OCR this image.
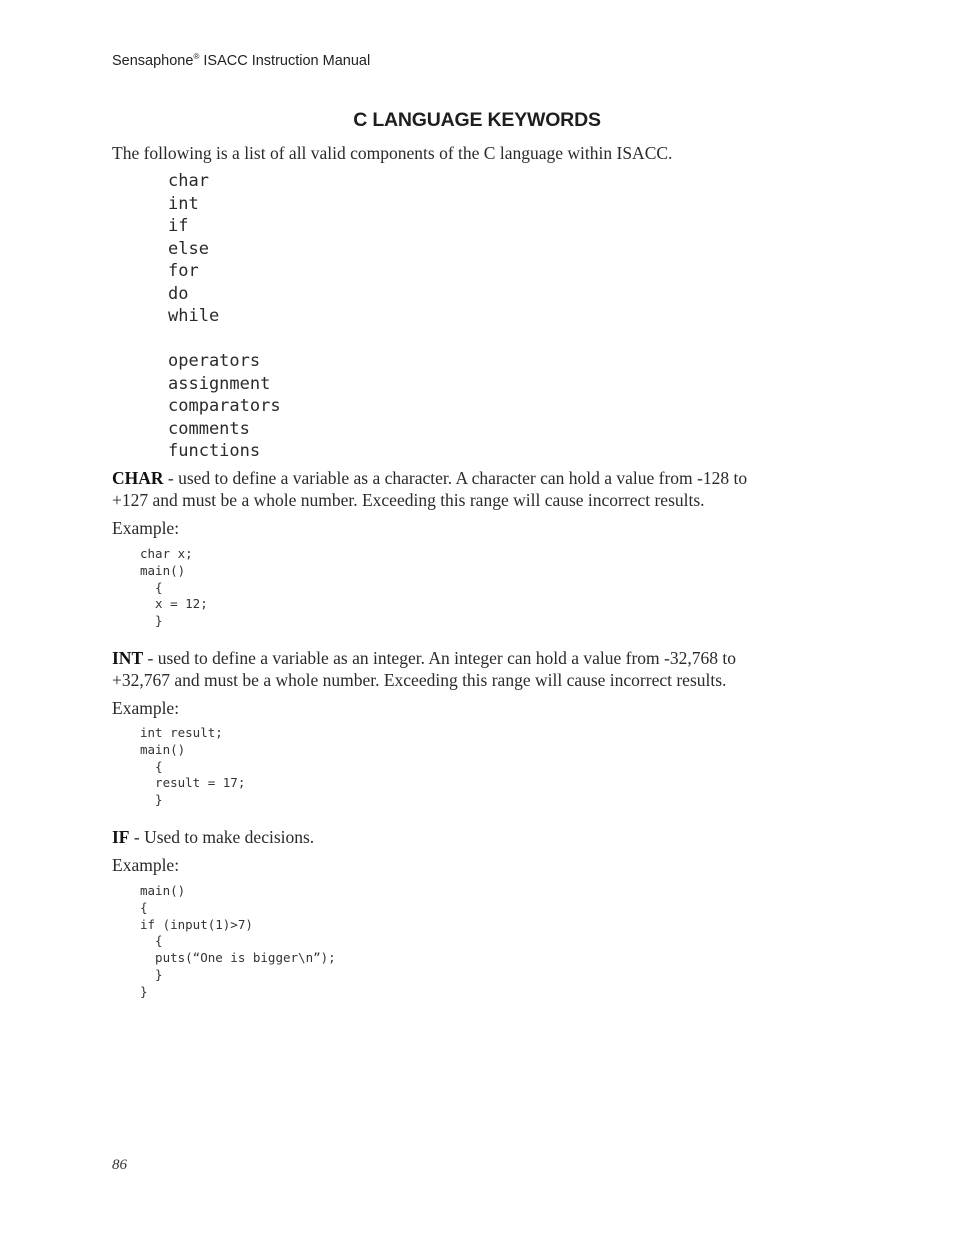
Sensaphone® ISACC Instruction Manual
C LANGUAGE KEYWORDS
The following is a list of all valid components of the C language within ISACC.
char
int
if
else
for
do
while
operators
assignment
comparators
comments
functions
CHAR - used to define a variable as a character. A character can hold a value from -128 to
+127 and must be a whole number. Exceeding this range will cause incorrect results.
Example:
char x;
main()
{
x = 12;
}
INT - used to define a variable as an integer. An integer can hold a value from -32,768 to
+32,767 and must be a whole number. Exceeding this range will cause incorrect results.
Example:
int result;
main()
{
result = 17;
}
IF - Used to make decisions.
Example:
main()
{
if (input(1)>7)
{
puts(“One is bigger\n”);
}
}
86
